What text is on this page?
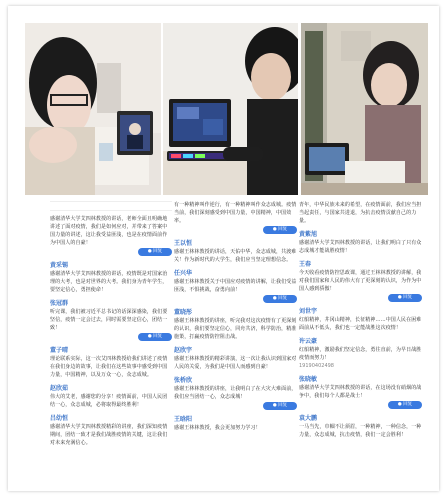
感谢清华大学艾四林教授的讲话，老师全面且明确地讲述了面对疫情，我们是如何应对，并带来了答案中国力量的讲述，这让我受益匪浅，也是在疫情面前作为中国人的自豪！
● 回复
黄采锡
感谢清华大学艾四林教授的讲话，疫情既是对国家治理的大考，也是对世界的大考。我们身为青年学生，要坚定信心，勇担使命！
张冠群
听完课，我们被习近平总书记的话深深感染，我们要坚信，疫情一定会过去，同时需要坚定信心，团结一致！
● 回复
董子晴
理论联系实际，这一次艾四林教授给我们讲述了疫情在我们身边的故事，让我们在这些故事中感受到中国力量，中国精神，以及万众一心，众志成城。
赵欣茹
伟大的艾老，感谢您的分享！疫情面前，中国人民团结一心，众志成城，必将取得最终胜利！
吕幼恒
感谢清华大学艾四林教授精彩的讲座，我们深知疫情期间，团结一致才是我们战胜疫情的关键，这让我们对未来充满信心。
有一种精神叫作逆行，有一种精神叫作众志成城。疫情当前，我们深刻感受到中国力量，中国精神，中国效率。
● 回复
王以恒
感谢王林林教授的讲话，天佑中华，众志成城，共渡难关！作为新时代的大学生，我们应当坚定理想信念。
任兴华
感谢王林林教授关于中国应对疫情的讲解，让我们受益匪浅，不惧挑战，奋勇向前！
● 回复
董晓彤
感谢王林林教授的讲座，听完我对这次疫情有了更深刻的认识，我们要坚定信心，同舟共济，科学防治，精准施策，打赢疫情防控阻击战。
赵欣宇
感谢王林林教授的精彩讲演，这一次让我认识到国家对人民的关爱，为我们是中国人而感到自豪！
张桥欣
感谢王林林教授的讲座，让我明白了在大灾大难面前，我们应当团结一心，众志成城！
● 回复
王晗阳
感谢王林林教授，我会更加努力学习！
青年，中华民族未来的希望，在疫情面前，我们应当担当起责任，与国家共进退，为抗击疫情贡献自己的力量。
黄紫旭
感谢清华大学艾四林教授的讲话，让我们明白了只有众志成城才能战胜疫情！
王春
今天收看疫情防控思政课，通过王林林教授的讲解，我对我们国家和人民的伟大有了更深刻的认识，为作为中国人感到骄傲！
● 回复
刘世宇
红船精神，井冈山精神，长征精神……中国人民在困难面前从不低头，我们也一定能战胜这次疫情！
许云豪
红船精神，激励我们坚定信念，勇往直前，为早日战胜疫情而努力！
19190402498
张晓敏
感谢清华大学艾四林教授的讲话，在这场没有硝烟的战争中，我们每个人都是战士！
● 回复
袁大鹏
一马当先，巾帼不让须眉，一种精神，一种信念，一种力量，众志成城，抗击疫情，我们一定会胜利！
